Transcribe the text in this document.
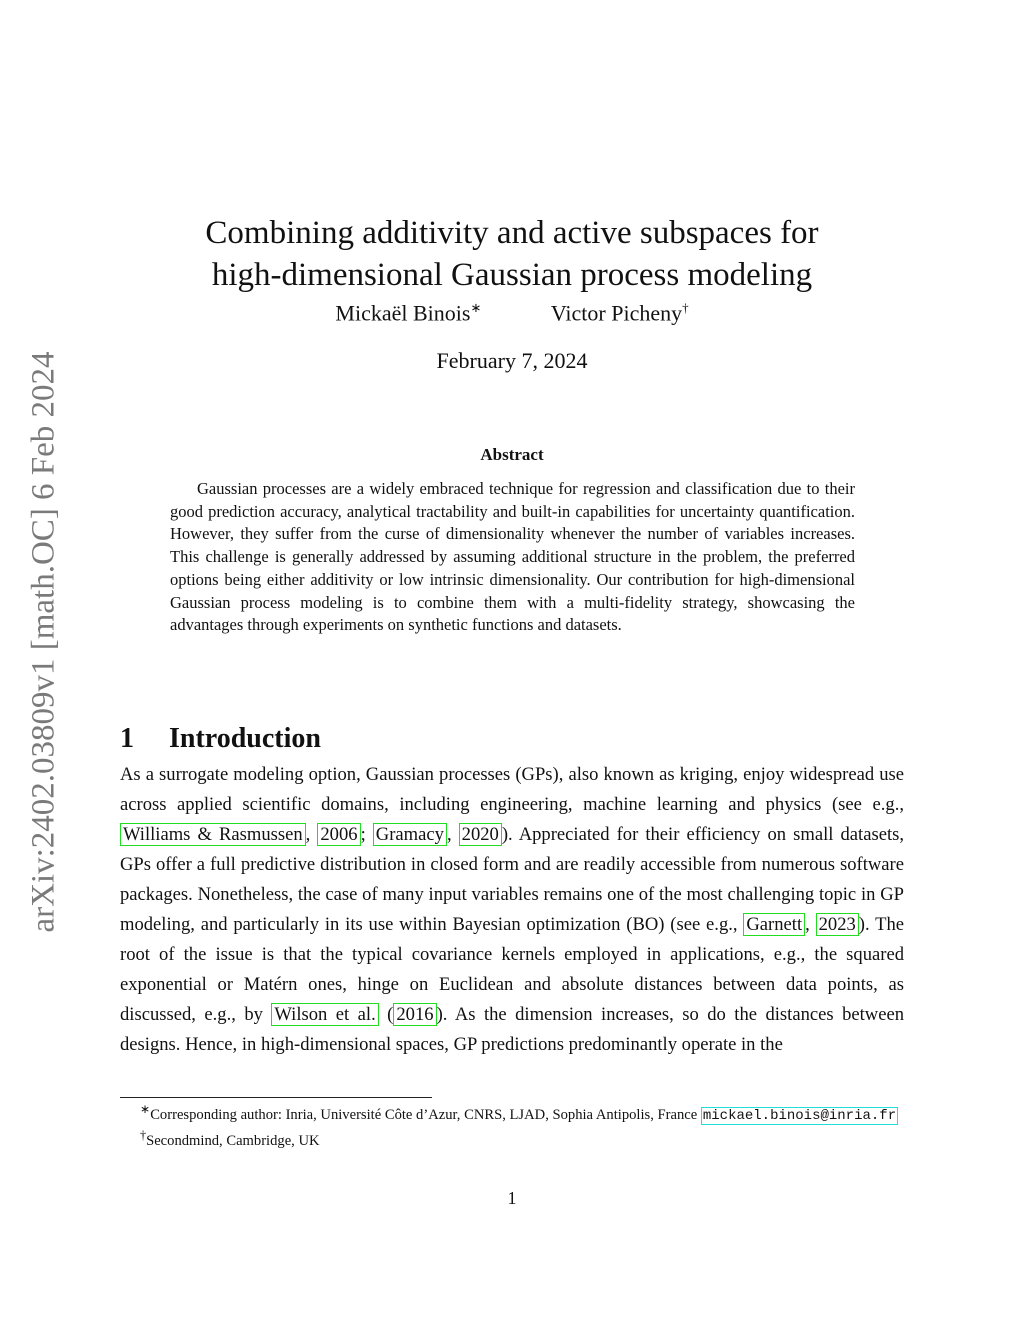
arXiv:2402.03809v1 [math.OC] 6 Feb 2024
Combining additivity and active subspaces for
high-dimensional Gaussian process modeling
Mickaël Binois∗	Victor Picheny†
February 7, 2024
Abstract

Gaussian processes are a widely embraced technique for regression and classification due to their good prediction accuracy, analytical tractability and built-in capabilities for uncertainty quantification. However, they suffer from the curse of dimensionality whenever the number of variables increases. This challenge is generally addressed by assuming additional structure in the problem, the preferred options being either additivity or low intrinsic dimensionality. Our contribution for high-dimensional Gaussian process modeling is to combine them with a multi-fidelity strategy, showcasing the advantages through experiments on synthetic functions and datasets.

1 Introduction

As a surrogate modeling option, Gaussian processes (GPs), also known as kriging, enjoy widespread use across applied scientific domains, including engineering, machine learning and physics (see e.g., Williams & Rasmussen , 2006 ; Gramacy , 2020 ). Appreciated for their efficiency on small datasets, GPs offer a full predictive distribution in closed form and are readily accessible from numerous software packages. Nonetheless, the case of many input variables remains one of the most challenging topic in GP modeling, and particularly in its use within Bayesian optimization (BO) (see e.g., Garnett , 2023 ). The root of the issue is that the typical covariance kernels employed in applications, e.g., the squared exponential or Matérn ones, hinge on Euclidean and absolute distances between data points, as discussed, e.g., by Wilson et al. ( 2016 ). As the dimension increases, so do the distances between designs. Hence, in high-dimensional spaces, GP predictions predominantly operate in the

∗Corresponding author: Inria, Université Côte d’Azur, CNRS, LJAD, Sophia Antipolis, France mickael.binois@inria.fr

†Secondmind, Cambridge, UK

1
